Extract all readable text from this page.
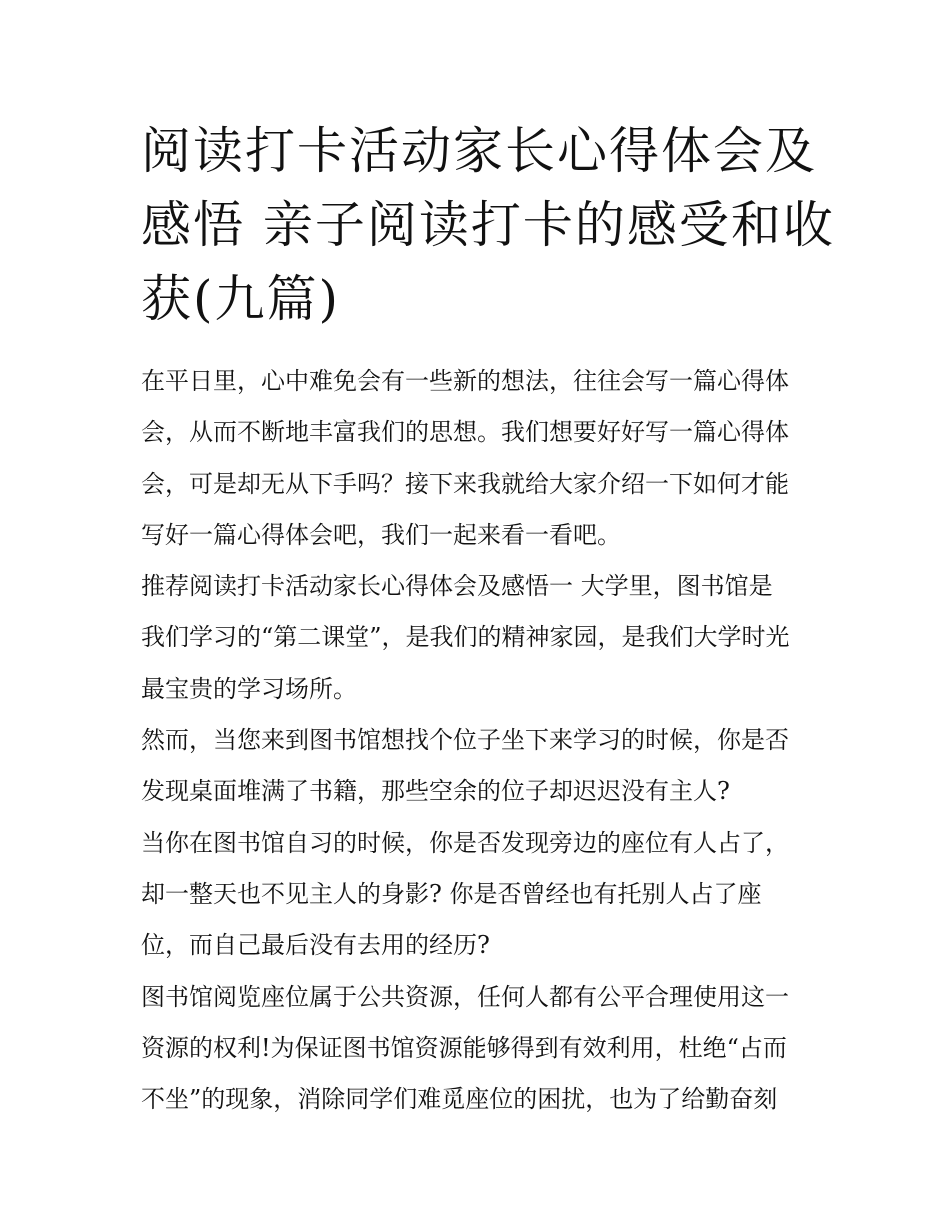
阅读打卡活动家长心得体会及
感悟 亲子阅读打卡的感受和收
获(九篇)
在平日里，心中难免会有一些新的想法，往往会写一篇心得体
会，从而不断地丰富我们的思想。我们想要好好写一篇心得体
会，可是却无从下手吗？接下来我就给大家介绍一下如何才能
写好一篇心得体会吧，我们一起来看一看吧。
推荐阅读打卡活动家长心得体会及感悟一 大学里，图书馆是
我们学习的“第二课堂”，是我们的精神家园，是我们大学时光
最宝贵的学习场所。
然而，当您来到图书馆想找个位子坐下来学习的时候，你是否
发现桌面堆满了书籍，那些空余的位子却迟迟没有主人?
当你在图书馆自习的时候，你是否发现旁边的座位有人占了，
却一整天也不见主人的身影? 你是否曾经也有托别人占了座
位，而自己最后没有去用的经历?
图书馆阅览座位属于公共资源，任何人都有公平合理使用这一
资源的权利!为保证图书馆资源能够得到有效利用，杜绝“占而
不坐”的现象，消除同学们难觅座位的困扰，也为了给勤奋刻
